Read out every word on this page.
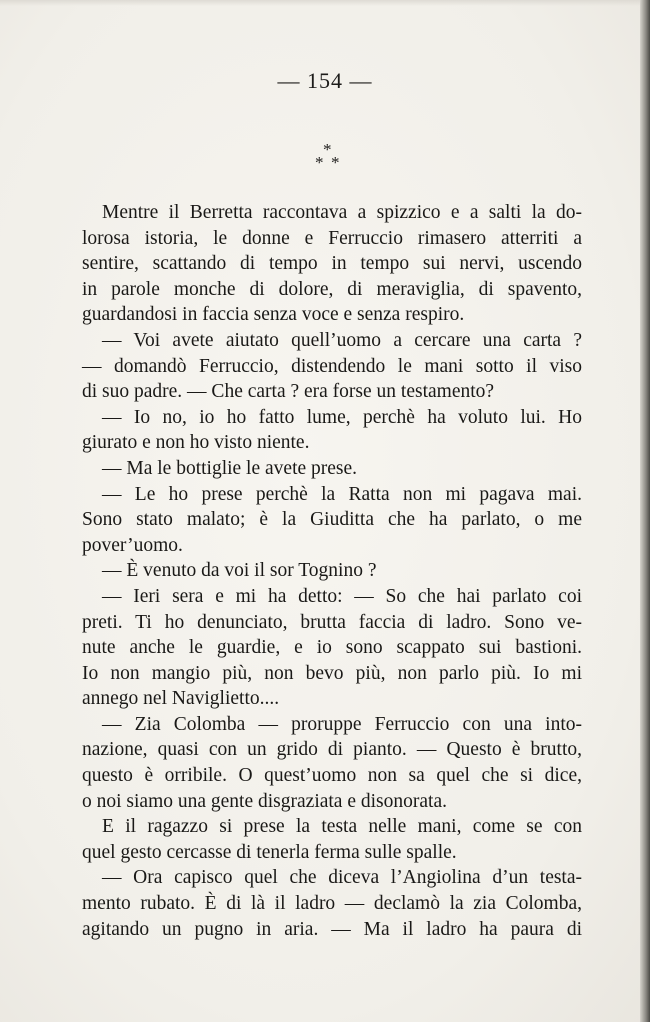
— 154 —
*
* *
Mentre il Berretta raccontava a spizzico e a salti la do-
lorosa istoria, le donne e Ferruccio rimasero atterriti a
sentire, scattando di tempo in tempo sui nervi, uscendo
in parole monche di dolore, di meraviglia, di spavento,
guardandosi in faccia senza voce e senza respiro.
— Voi avete aiutato quell’uomo a cercare una carta ?
— domandò Ferruccio, distendendo le mani sotto il viso
di suo padre. — Che carta ? era forse un testamento?
— Io no, io ho fatto lume, perchè ha voluto lui. Ho
giurato e non ho visto niente.
— Ma le bottiglie le avete prese.
— Le ho prese perchè la Ratta non mi pagava mai.
Sono stato malato; è la Giuditta che ha parlato, o me
pover’uomo.
— È venuto da voi il sor Tognino ?
— Ieri sera e mi ha detto: — So che hai parlato coi
preti. Ti ho denunciato, brutta faccia di ladro. Sono ve-
nute anche le guardie, e io sono scappato sui bastioni.
Io non mangio più, non bevo più, non parlo più. Io mi
annego nel Naviglietto....
— Zia Colomba — proruppe Ferruccio con una into-
nazione, quasi con un grido di pianto. — Questo è brutto,
questo è orribile. O quest’uomo non sa quel che si dice,
o noi siamo una gente disgraziata e disonorata.
E il ragazzo si prese la testa nelle mani, come se con
quel gesto cercasse di tenerla ferma sulle spalle.
— Ora capisco quel che diceva l’Angiolina d’un testa-
mento rubato. È di là il ladro — declamò la zia Colomba,
agitando un pugno in aria. — Ma il ladro ha paura di
